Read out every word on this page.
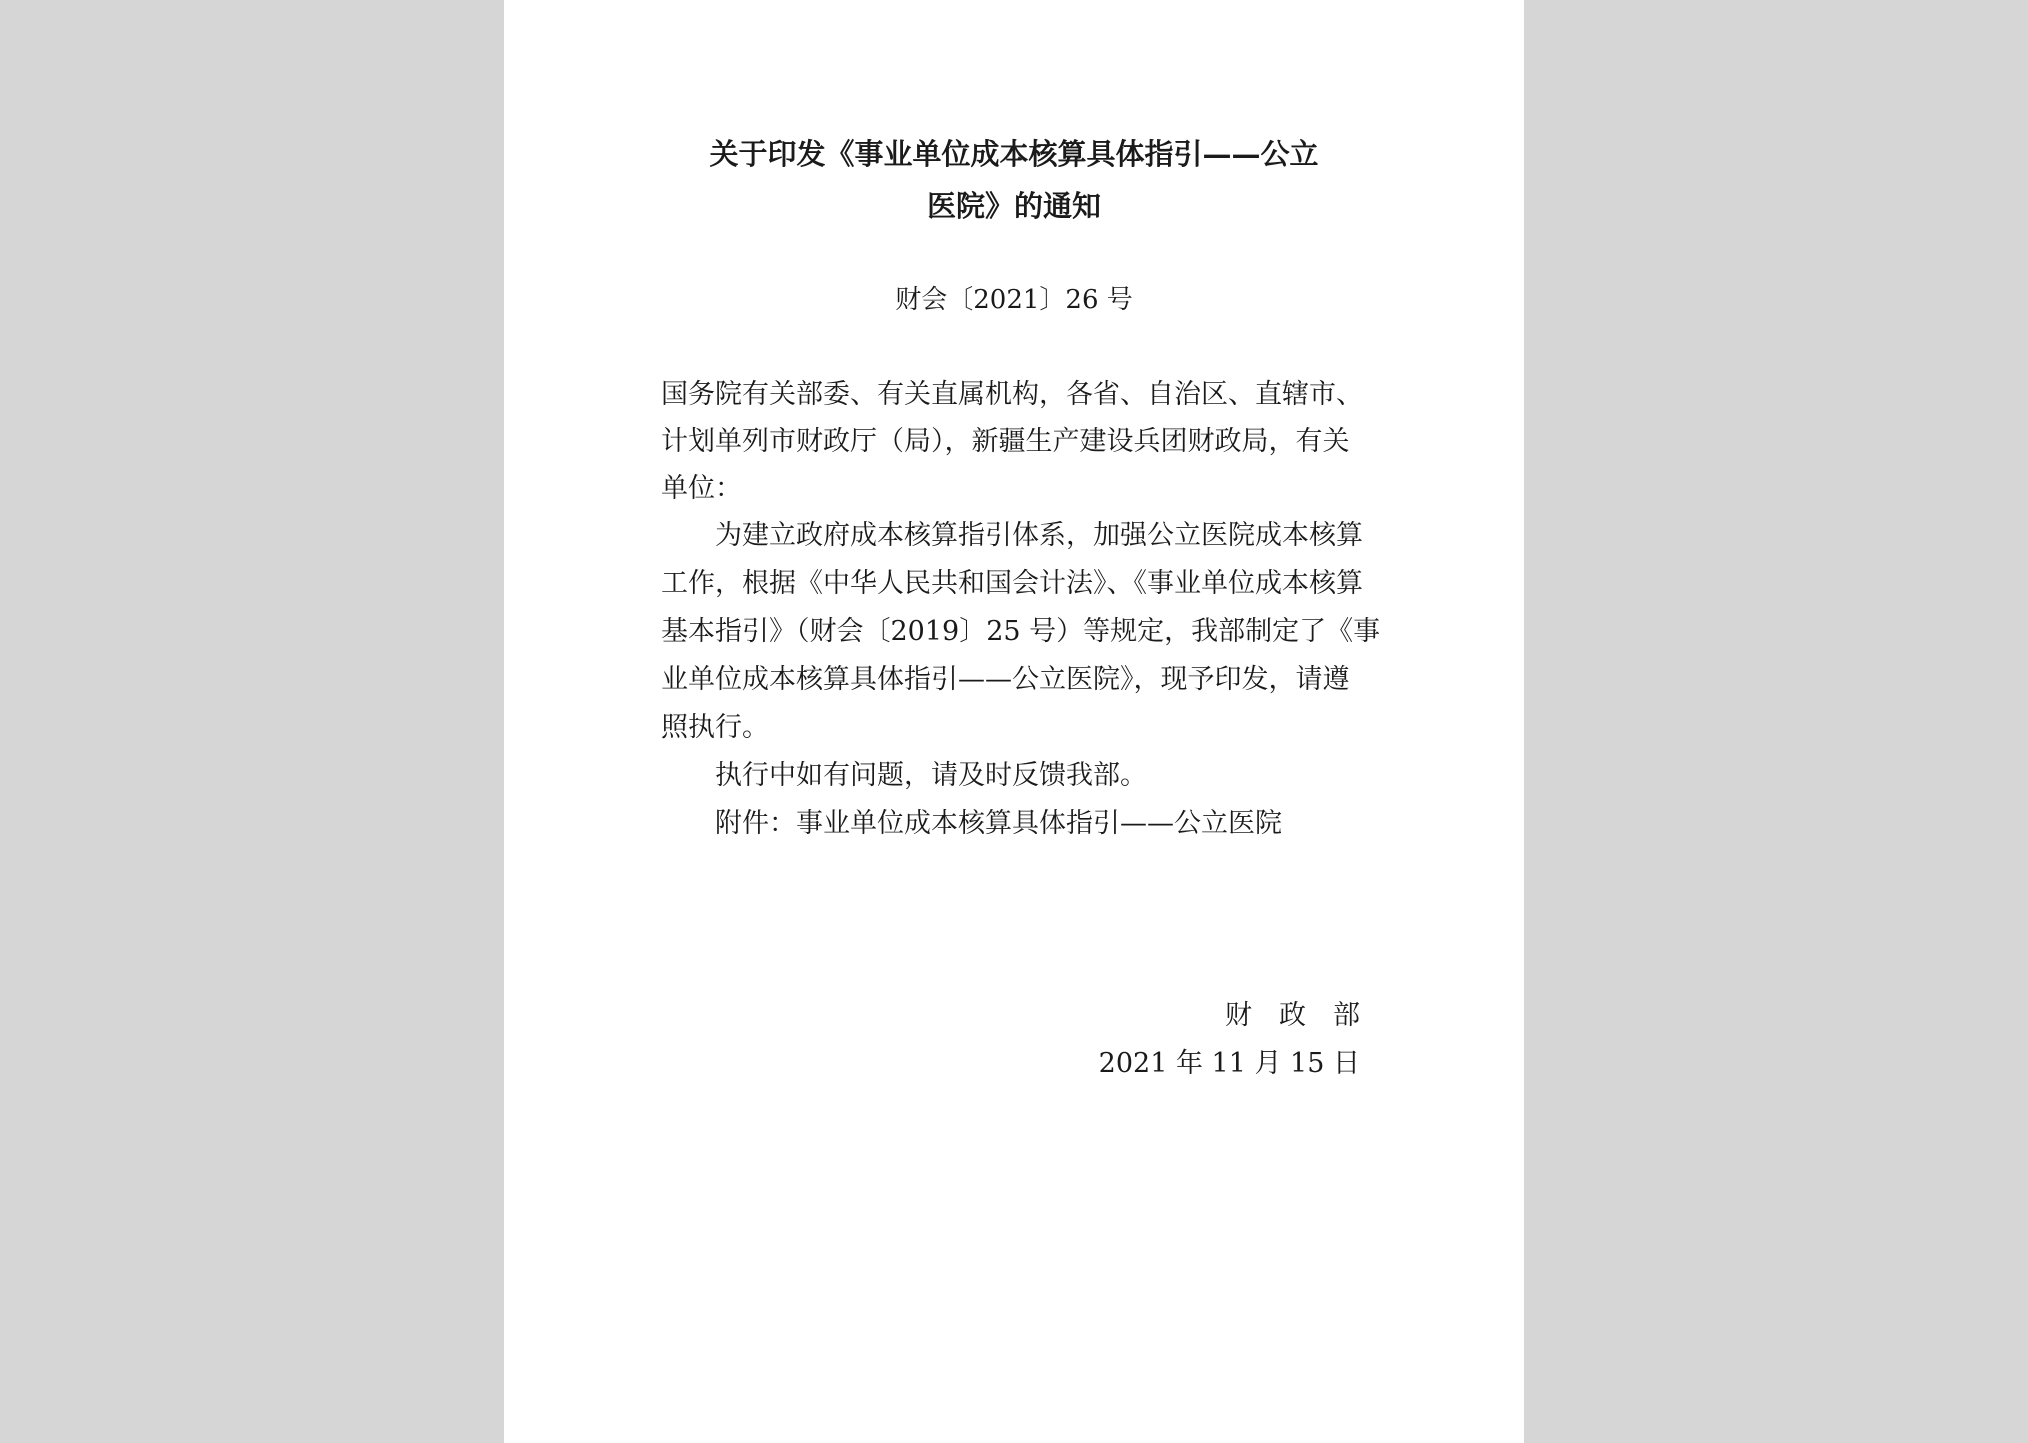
关于印发《事业单位成本核算具体指引——公立
医院》的通知
财会〔2021〕26 号
国务院有关部委、有关直属机构，各省、自治区、直辖市、
计划单列市财政厅（局），新疆生产建设兵团财政局，有关
单位：
为建立政府成本核算指引体系，加强公立医院成本核算
工作，根据《中华人民共和国会计法》、《事业单位成本核算
基本指引》（财会〔2019〕25 号）等规定，我部制定了《事
业单位成本核算具体指引——公立医院》，现予印发，请遵
照执行。
执行中如有问题，请及时反馈我部。
附件：事业单位成本核算具体指引——公立医院
财　政　部
2021 年 11 月 15 日
